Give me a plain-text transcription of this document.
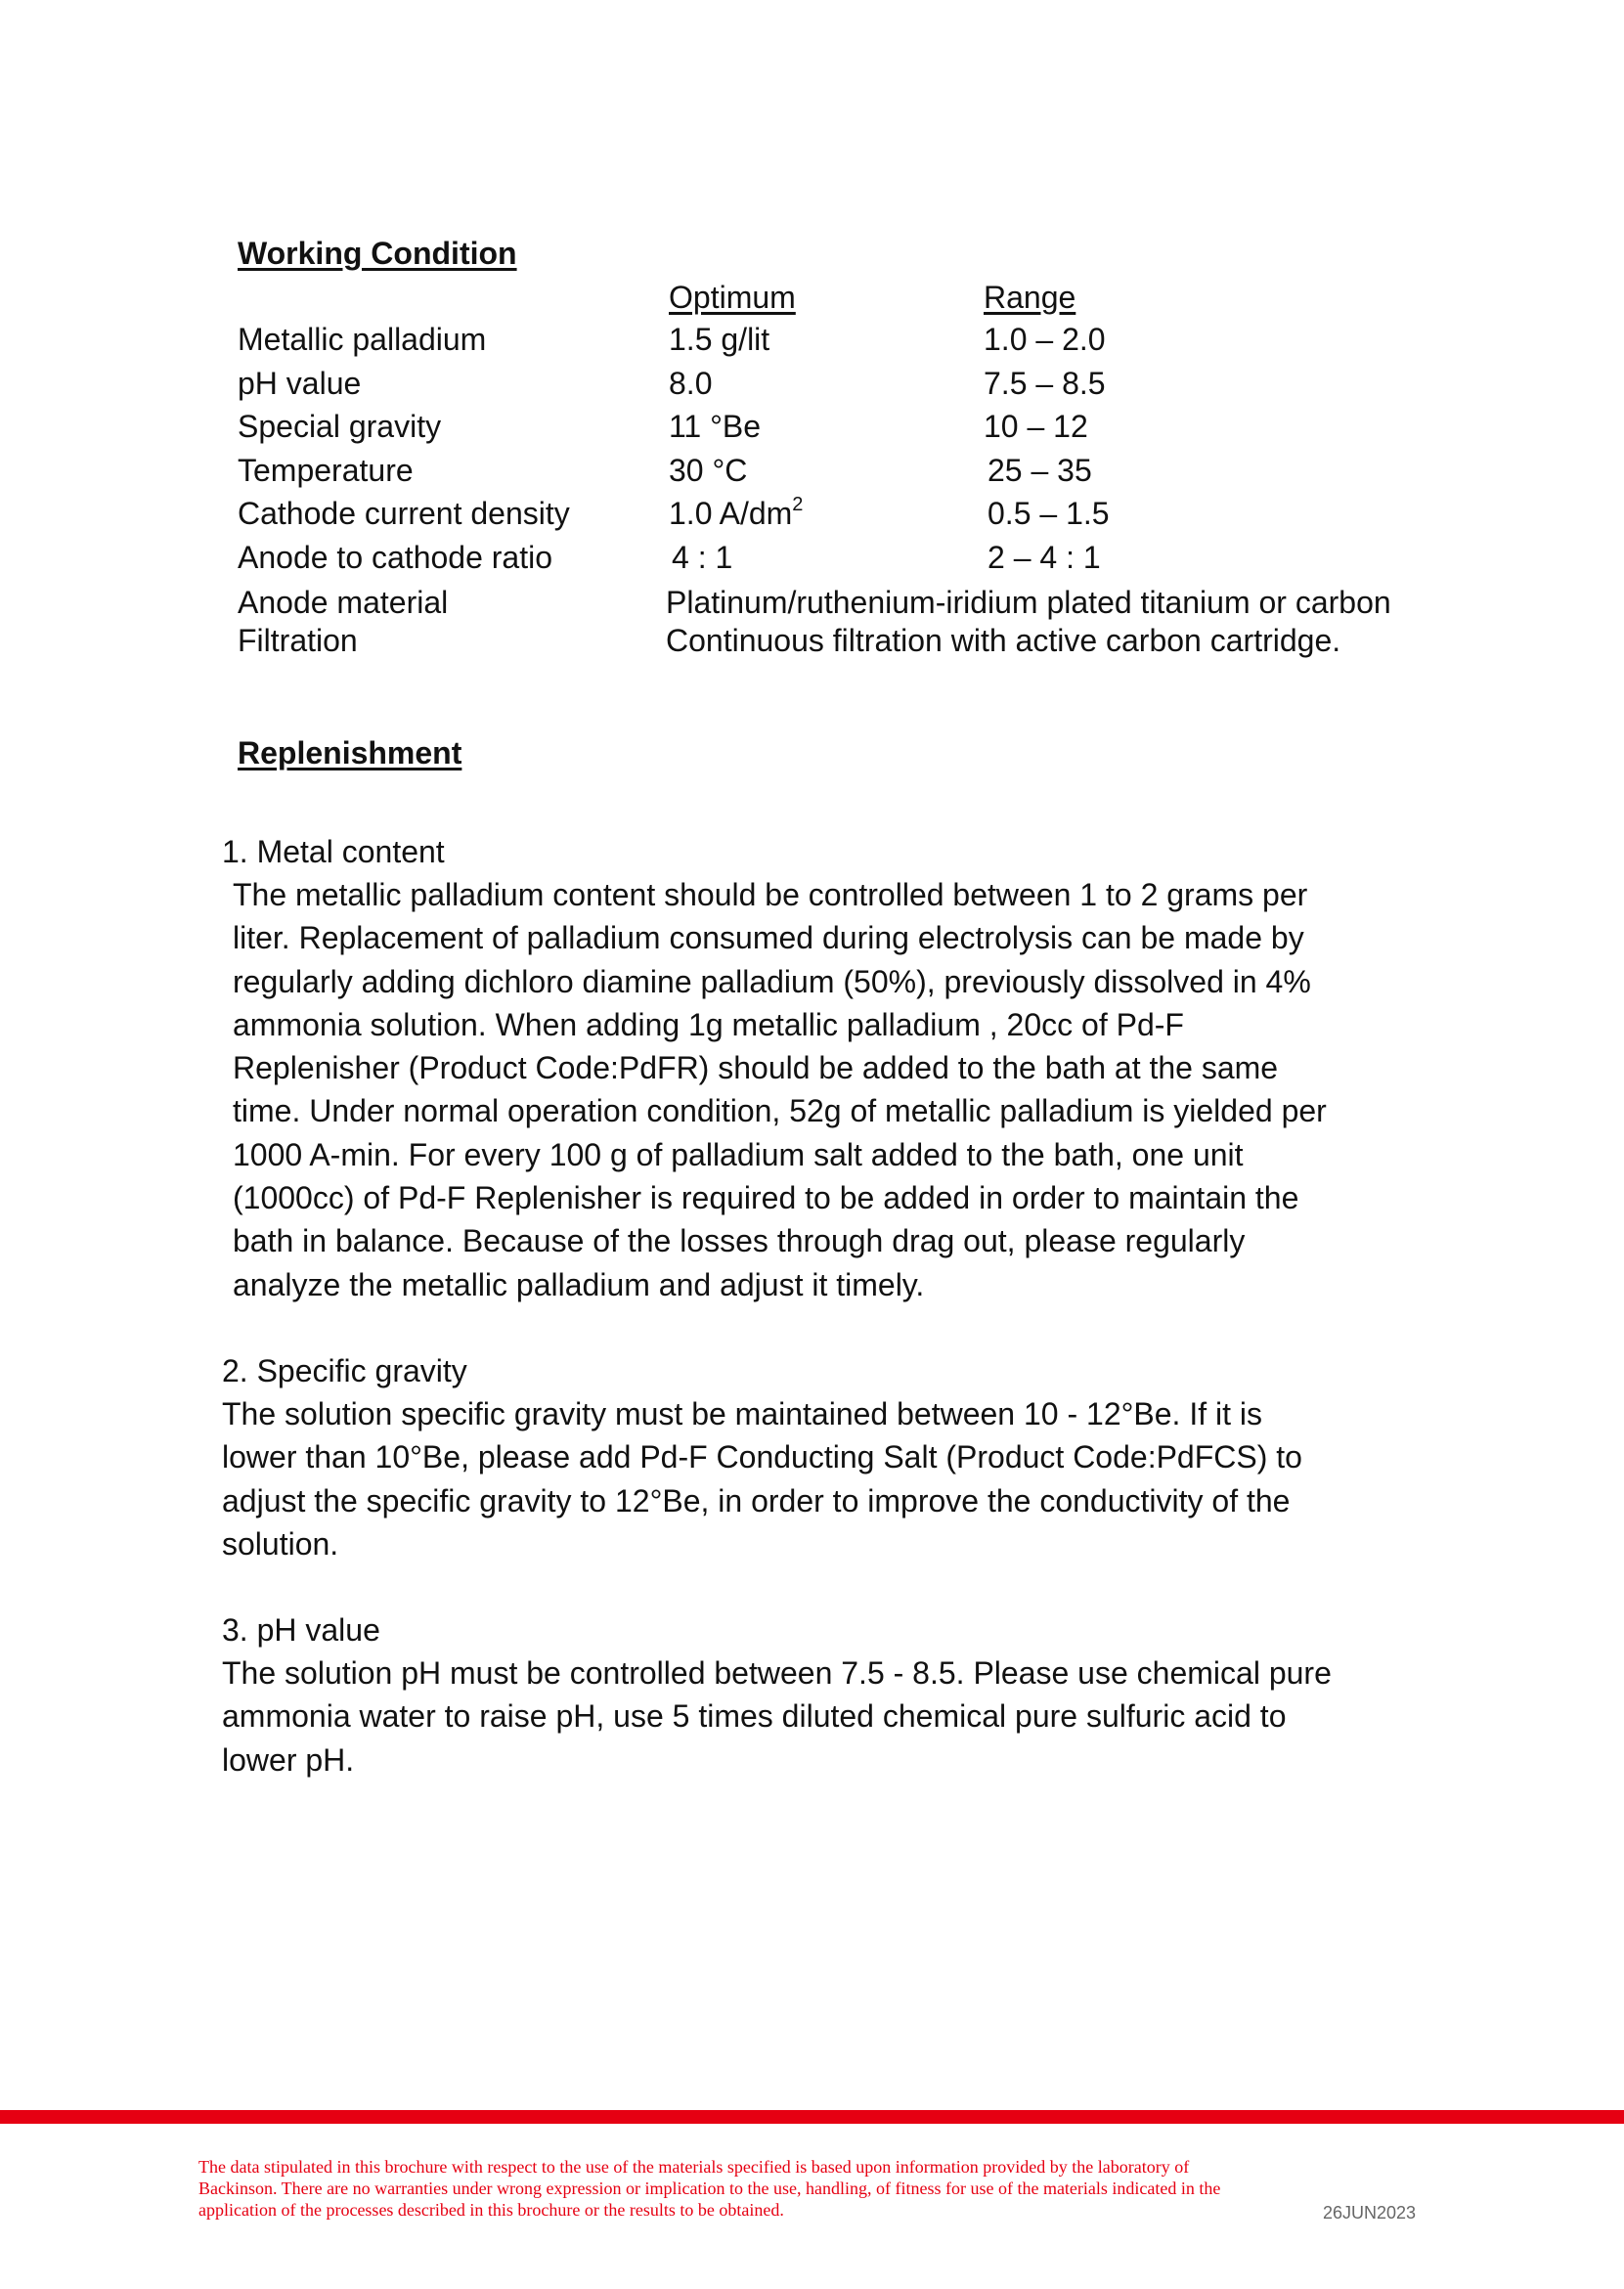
Working Condition
Optimum	Range
Metallic palladium	1.5 g/lit	1.0 – 2.0
pH value	8.0	7.5 – 8.5
Special gravity	11 °Be	10 – 12
Temperature	30 °C	25 – 35
Cathode current density	1.0 $A/dm^2$	0.5 – 1.5
Anode to cathode ratio	4 : 1	2 – 4 : 1
Anode material	Platinum/ruthenium-iridium plated titanium or carbon
Filtration	Continuous filtration with active carbon cartridge.
Replenishment
1. Metal content
The metallic palladium content should be controlled between 1 to 2 grams per
liter. Replacement of palladium consumed during electrolysis can be made by
regularly adding dichloro diamine palladium (50%), previously dissolved in 4%
ammonia solution. When adding 1g metallic palladium , 20cc of Pd-F
Replenisher (Product Code:PdFR) should be added to the bath at the same
time. Under normal operation condition, 52g of metallic palladium is yielded per
1000 A-min. For every 100 g of palladium salt added to the bath, one unit
(1000cc) of Pd-F Replenisher is required to be added in order to maintain the
bath in balance. Because of the losses through drag out, please regularly
analyze the metallic palladium and adjust it timely.
2. Specific gravity
The solution specific gravity must be maintained between 10 - 12°Be. If it is
lower than 10°Be, please add Pd-F Conducting Salt (Product Code:PdFCS) to
adjust the specific gravity to 12°Be, in order to improve the conductivity of the
solution.
3. pH value
The solution pH must be controlled between 7.5 - 8.5. Please use chemical pure
ammonia water to raise pH, use 5 times diluted chemical pure sulfuric acid to
lower pH.
The data stipulated in this brochure with respect to the use of the materials specified is based upon information provided by the laboratory of
Backinson. There are no warranties under wrong expression or implication to the use, handling, of fitness for use of the materials indicated in the
application of the processes described in this brochure or the results to be obtained.	26JUN2023
